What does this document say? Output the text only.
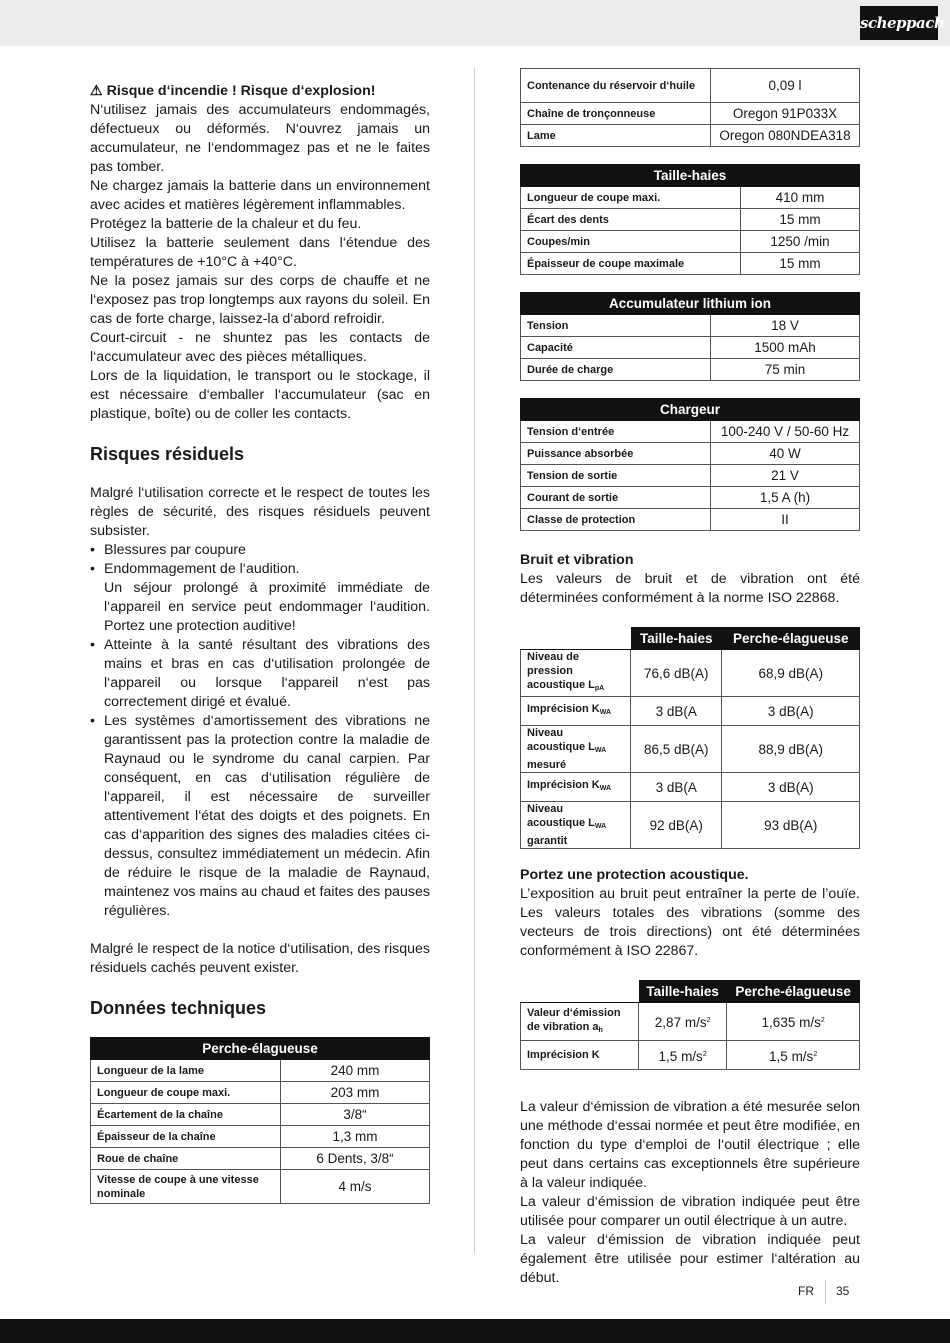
scheppach

⚠ Risque d‘incendie ! Risque d‘explosion!

N‘utilisez jamais des accumulateurs endommagés, défectueux ou déformés. N‘ouvrez jamais un accumulateur, ne l‘endommagez pas et ne le faites pas tomber.

Ne chargez jamais la batterie dans un environnement avec acides et matières légèrement inflammables.

Protégez la batterie de la chaleur et du feu.

Utilisez la batterie seulement dans l‘étendue des températures de +10°C à +40°C.

Ne la posez jamais sur des corps de chauffe et ne l‘exposez pas trop longtemps aux rayons du soleil. En cas de forte charge, laissez-la d‘abord refroidir.

Court-circuit - ne shuntez pas les contacts de l‘accumulateur avec des pièces métalliques.

Lors de la liquidation, le transport ou le stockage, il est nécessaire d‘emballer l‘accumulateur (sac en plastique, boîte) ou de coller les contacts.

Risques résiduels

Malgré l‘utilisation correcte et le respect de toutes les règles de sécurité, des risques résiduels peuvent subsister.

• Blessures par coupure
• Endommagement de l‘audition.
Un séjour prolongé à proximité immédiate de l‘appareil en service peut endommager l‘audition. Portez une protection auditive!
• Atteinte à la santé résultant des vibrations des mains et bras en cas d‘utilisation prolongée de l‘appareil ou lorsque l‘appareil n‘est pas correctement dirigé et évalué.
• Les systèmes d‘amortissement des vibrations ne garantissent pas la protection contre la maladie de Raynaud ou le syndrome du canal carpien. Par conséquent, en cas d‘utilisation régulière de l‘appareil, il est nécessaire de surveiller attentivement l‘état des doigts et des poignets. En cas d‘apparition des signes des maladies citées ci-dessus, consultez immédiatement un médecin. Afin de réduire le risque de la maladie de Raynaud, maintenez vos mains au chaud et faites des pauses régulières.

Malgré le respect de la notice d‘utilisation, des risques résiduels cachés peuvent exister.

Données techniques
Perche-élagueuse	
Longueur de la lame	240 mm
Longueur de coupe maxi.	203 mm
Écartement de la chaîne	3/8“
Épaisseur de la chaîne	1,3 mm
Roue de chaîne	6 Dents, 3/8“
Vitesse de coupe à une vitesse nominale	4 m/s
Contenance du réservoir d‘huile	0,09 l
Chaîne de tronçonneuse	Oregon 91P033X
Lame	Oregon 080NDEA318
Taille-haies	
Longueur de coupe maxi.	410 mm
Écart des dents	15 mm
Coupes/min	1250 /min
Épaisseur de coupe maximale	15 mm
Accumulateur lithium ion	
Tension	18 V
Capacité	1500 mAh
Durée de charge	75 min
Chargeur	
Tension d‘entrée	100-240 V / 50-60 Hz
Puissance absorbée	40 W
Tension de sortie	21 V
Courant de sortie	1,5 A (h)
Classe de protection	II
Bruit et vibration

Les valeurs de bruit et de vibration ont été déterminées conformément à la norme ISO 22868.

	Taille-haies	Perche-élagueuse
Niveau de pression acoustique $L_{pA}$	76,6 dB(A)	68,9 dB(A)
Imprécision $K_{WA}$	3 dB(A	3 dB(A)
Niveau acoustique $L_{WA}$ mesuré	86,5 dB(A)	88,9 dB(A)
Imprécision $K_{WA}$	3 dB(A	3 dB(A)
Niveau acoustique $L_{WA}$ garantit	92 dB(A)	93 dB(A)
Portez une protection acoustique.

L’exposition au bruit peut entraîner la perte de l’ouïe. Les valeurs totales des vibrations (somme des vecteurs de trois directions) ont été déterminées conformément à ISO 22867.

	Taille-haies	Perche-élagueuse
Valeur d‘émission de vibration $a_h$	2,87 $m/s^2$	1,635 $m/s^2$
Imprécision K	1,5 $m/s^2$	1,5 $m/s^2$

La valeur d‘émission de vibration a été mesurée selon une méthode d‘essai normée et peut être modifiée, en fonction du type d‘emploi de l‘outil électrique ; elle peut dans certains cas exceptionnels être supérieure à la valeur indiquée.

La valeur d‘émission de vibration indiquée peut être utilisée pour comparer un outil électrique à un autre.

La valeur d‘émission de vibration indiquée peut également être utilisée pour estimer l‘altération au début.

FR 35
